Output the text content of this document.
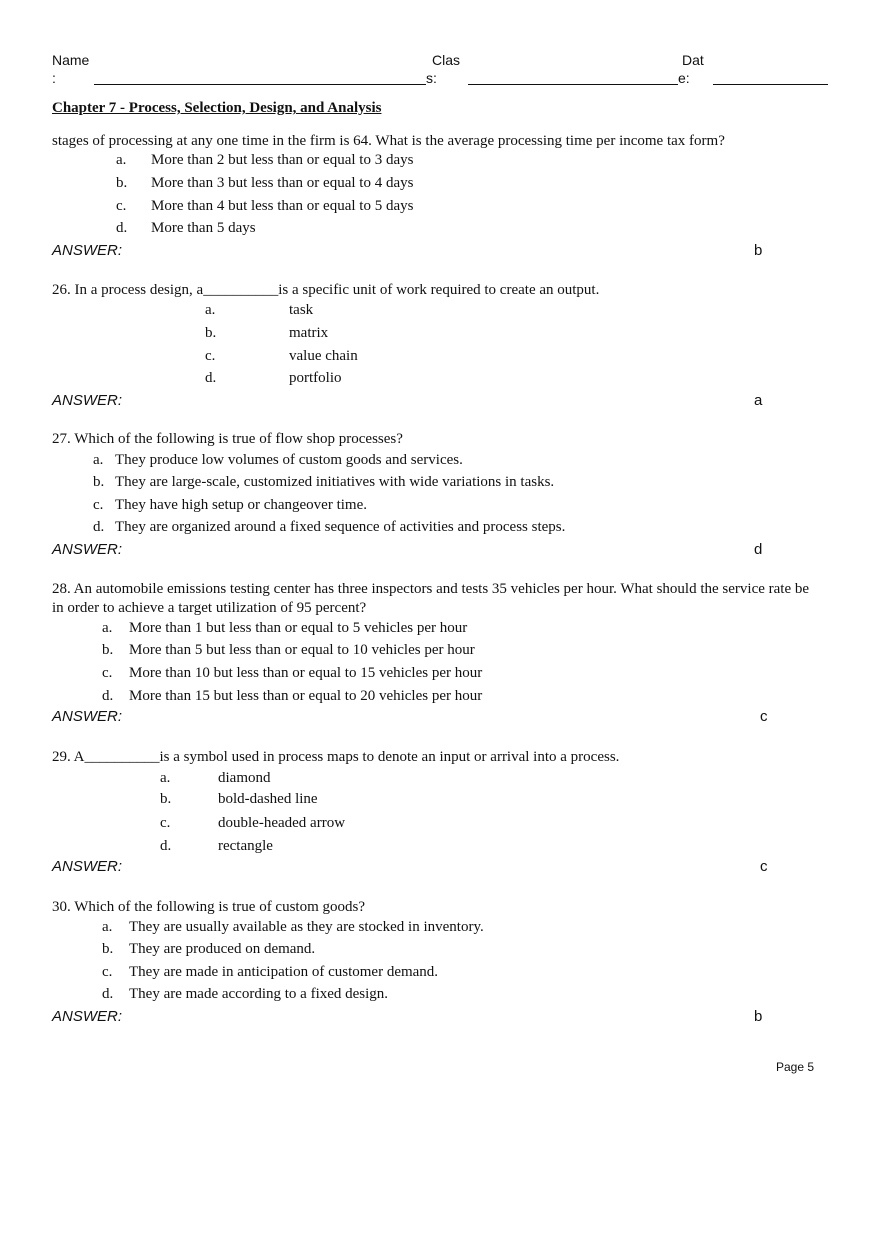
Name
:
Clas
s:
Dat
e:
Chapter 7 - Process, Selection, Design, and Analysis
stages of processing at any one time in the firm is 64. What is the average processing time per income tax form?
a. More than 2 but less than or equal to 3 days
b. More than 3 but less than or equal to 4 days
c. More than 4 but less than or equal to 5 days
d. More than 5 days
ANSWER:	b
26. In a process design, a__________is a specific unit of work required to create an output.
a.	task
b.	matrix
c.	value chain
d.	portfolio
ANSWER:	a
27. Which of the following is true of flow shop processes?
a. They produce low volumes of custom goods and services.
b. They are large-scale, customized initiatives with wide variations in tasks.
c. They have high setup or changeover time.
d. They are organized around a fixed sequence of activities and process steps.
ANSWER:	d
28. An automobile emissions testing center has three inspectors and tests 35 vehicles per hour. What should the service rate be in order to achieve a target utilization of 95 percent?
a. More than 1 but less than or equal to 5 vehicles per hour
b. More than 5 but less than or equal to 10 vehicles per hour
c. More than 10 but less than or equal to 15 vehicles per hour
d. More than 15 but less than or equal to 20 vehicles per hour
ANSWER:	c
29. A__________is a symbol used in process maps to denote an input or arrival into a process.
a.	diamond
b.	bold-dashed line
c.	double-headed arrow
d.	rectangle
ANSWER:	c
30. Which of the following is true of custom goods?
a. They are usually available as they are stocked in inventory.
b. They are produced on demand.
c. They are made in anticipation of customer demand.
d. They are made according to a fixed design.
ANSWER:	b
Page 5
